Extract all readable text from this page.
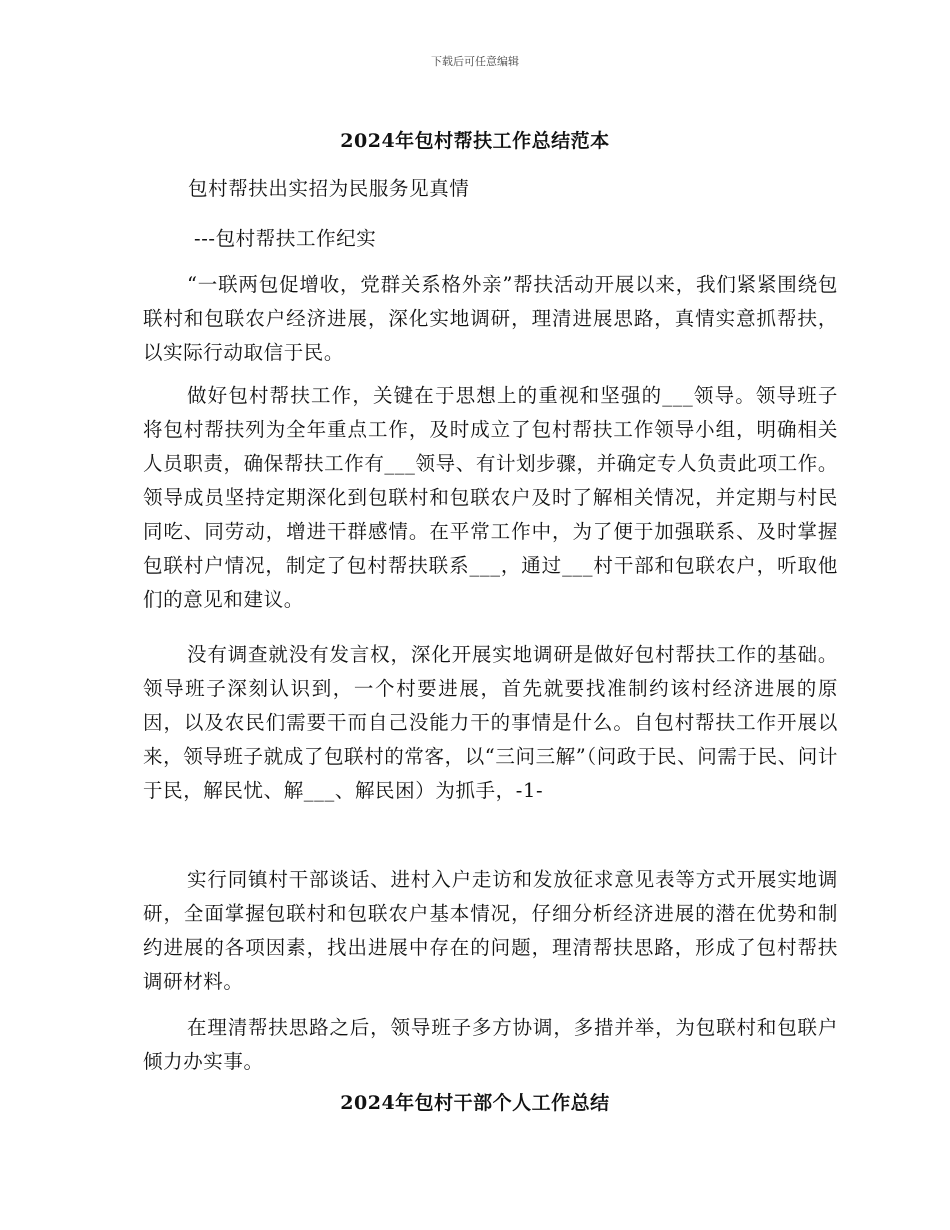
下载后可任意编辑
2024年包村帮扶工作总结范本
包村帮扶出实招为民服务见真情
---包村帮扶工作纪实
“一联两包促增收，党群关系格外亲”帮扶活动开展以来，我们紧紧围绕包联村和包联农户经济进展，深化实地调研，理清进展思路，真情实意抓帮扶，以实际行动取信于民。
做好包村帮扶工作，关键在于思想上的重视和坚强的___领导。领导班子将包村帮扶列为全年重点工作，及时成立了包村帮扶工作领导小组，明确相关人员职责，确保帮扶工作有___领导、有计划步骤，并确定专人负责此项工作。领导成员坚持定期深化到包联村和包联农户及时了解相关情况，并定期与村民同吃、同劳动，增进干群感情。在平常工作中，为了便于加强联系、及时掌握包联村户情况，制定了包村帮扶联系___，通过___村干部和包联农户，听取他们的意见和建议。
没有调查就没有发言权，深化开展实地调研是做好包村帮扶工作的基础。领导班子深刻认识到，一个村要进展，首先就要找准制约该村经济进展的原因，以及农民们需要干而自己没能力干的事情是什么。自包村帮扶工作开展以来，领导班子就成了包联村的常客，以“三问三解”（问政于民、问需于民、问计于民，解民忧、解___、解民困）为抓手，-1-
实行同镇村干部谈话、进村入户走访和发放征求意见表等方式开展实地调研，全面掌握包联村和包联农户基本情况，仔细分析经济进展的潜在优势和制约进展的各项因素，找出进展中存在的问题，理清帮扶思路，形成了包村帮扶调研材料。
在理清帮扶思路之后，领导班子多方协调，多措并举，为包联村和包联户倾力办实事。
2024年包村干部个人工作总结
